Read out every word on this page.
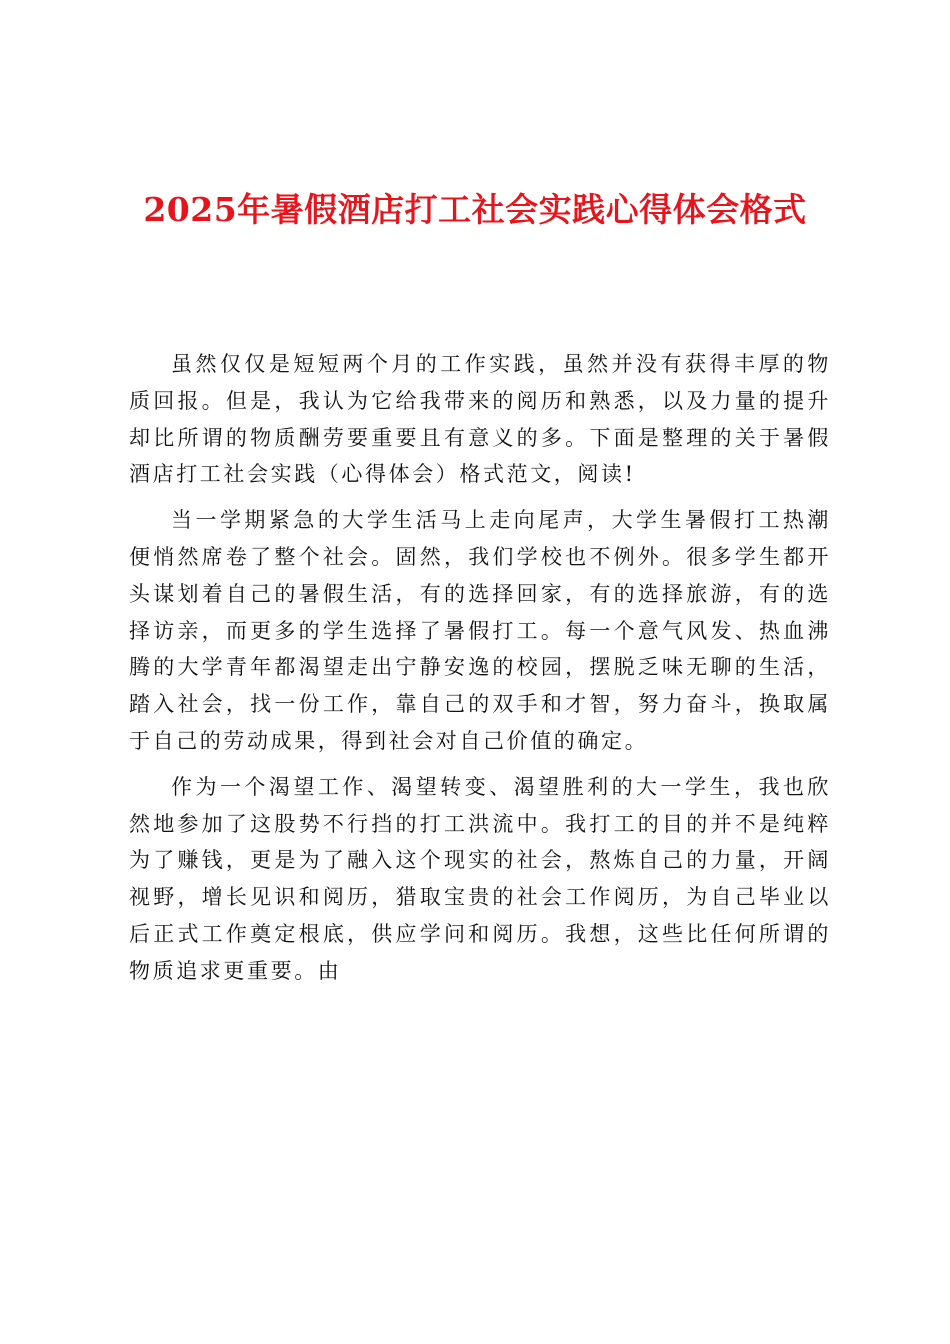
2025年暑假酒店打工社会实践心得体会格式

虽然仅仅是短短两个月的工作实践，虽然并没有获得丰厚的物质回报。但是，我认为它给我带来的阅历和熟悉，以及力量的提升却比所谓的物质酬劳要重要且有意义的多。下面是整理的关于暑假酒店打工社会实践（心得体会）格式范文，阅读!

当一学期紧急的大学生活马上走向尾声，大学生暑假打工热潮便悄然席卷了整个社会。固然，我们学校也不例外。很多学生都开头谋划着自己的暑假生活，有的选择回家，有的选择旅游，有的选择访亲，而更多的学生选择了暑假打工。每一个意气风发、热血沸腾的大学青年都渴望走出宁静安逸的校园，摆脱乏味无聊的生活，踏入社会，找一份工作，靠自己的双手和才智，努力奋斗，换取属于自己的劳动成果，得到社会对自己价值的确定。

作为一个渴望工作、渴望转变、渴望胜利的大一学生，我也欣然地参加了这股势不行挡的打工洪流中。我打工的目的并不是纯粹为了赚钱，更是为了融入这个现实的社会，熬炼自己的力量，开阔视野，增长见识和阅历，猎取宝贵的社会工作阅历，为自己毕业以后正式工作奠定根底，供应学问和阅历。我想，这些比任何所谓的物质追求更重要。由
